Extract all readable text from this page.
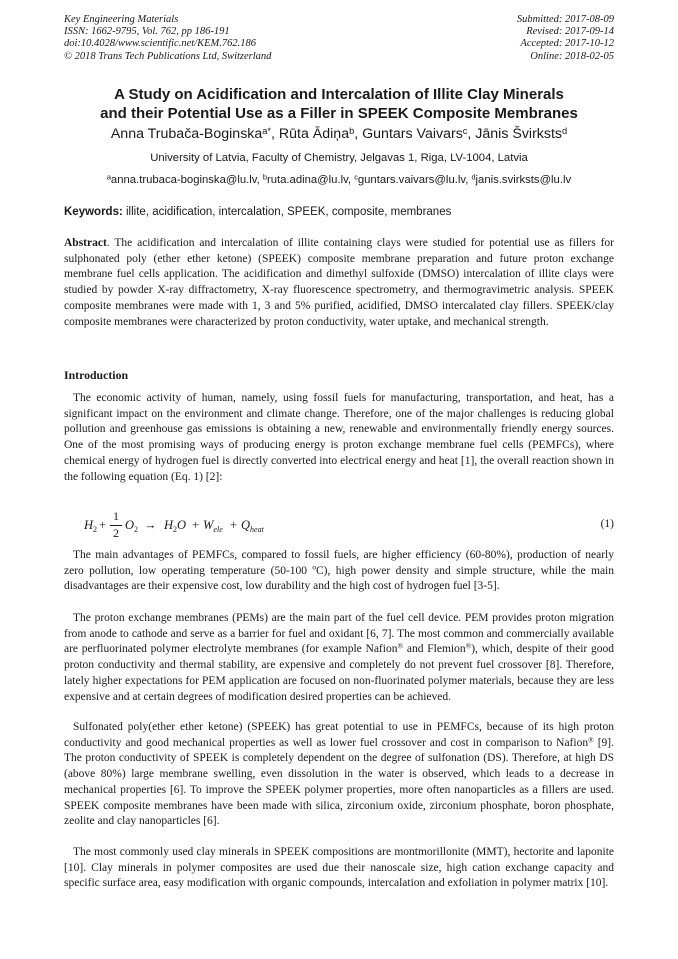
Key Engineering Materials
ISSN: 1662-9795, Vol. 762, pp 186-191
doi:10.4028/www.scientific.net/KEM.762.186
© 2018 Trans Tech Publications Ltd, Switzerland
Submitted: 2017-08-09
Revised: 2017-09-14
Accepted: 2017-10-12
Online: 2018-02-05
A Study on Acidification and Intercalation of Illite Clay Minerals
and their Potential Use as a Filler in SPEEK Composite Membranes
Anna Trubača-Boginska$^{a*}$, Rūta Ādiņa$^b$, Guntars Vaivars$^c$, Jānis Švirksts$^d$
University of Latvia, Faculty of Chemistry, Jelgavas 1, Riga, LV-1004, Latvia
$^a$anna.trubaca-boginska@lu.lv, $^b$ruta.adina@lu.lv, $^c$guntars.vaivars@lu.lv, $^d$janis.svirksts@lu.lv
Keywords: illite, acidification, intercalation, SPEEK, composite, membranes
Abstract. The acidification and intercalation of illite containing clays were studied for potential use as fillers for sulphonated poly (ether ether ketone) (SPEEK) composite membrane preparation and future proton exchange membrane fuel cells application. The acidification and dimethyl sulfoxide (DMSO) intercalation of illite clays were studied by powder X-ray diffractometry, X-ray fluorescence spectrometry, and thermogravimetric analysis. SPEEK composite membranes were made with 1, 3 and 5% purified, acidified, DMSO intercalated clay fillers. SPEEK/clay composite membranes were characterized by proton conductivity, water uptake, and mechanical strength.
Introduction
The economic activity of human, namely, using fossil fuels for manufacturing, transportation, and heat, has a significant impact on the environment and climate change. Therefore, one of the major challenges is reducing global pollution and greenhouse gas emissions is obtaining a new, renewable and environmentally friendly energy sources. One of the most promising ways of producing energy is proton exchange membrane fuel cells (PEMFCs), where chemical energy of hydrogen fuel is directly converted into electrical energy and heat [1], the overall reaction shown in the following equation (Eq. 1) [2]:
$H_2$ +
1
2
$O_2 \to H_2O + W_{ele} + Q_{heat}$	(1)
The main advantages of PEMFCs, compared to fossil fuels, are higher efficiency (60-80%), production of nearly zero pollution, low operating temperature (50-100 ºC), high power density and simple structure, while the main disadvantages are their expensive cost, low durability and the high cost of hydrogen fuel [3-5].
The proton exchange membranes (PEMs) are the main part of the fuel cell device. PEM provides proton migration from anode to cathode and serve as a barrier for fuel and oxidant [6, 7]. The most common and commercially available are perfluorinated polymer electrolyte membranes (for example Nafion® and Flemion®), which, despite of their good proton conductivity and thermal stability, are expensive and completely do not prevent fuel crossover [8]. Therefore, lately higher expectations for PEM application are focused on non-fluorinated polymer materials, because they are less expensive and at certain degrees of modification desired properties can be achieved.
Sulfonated poly(ether ether ketone) (SPEEK) has great potential to use in PEMFCs, because of its high proton conductivity and good mechanical properties as well as lower fuel crossover and cost in comparison to Nafion® [9]. The proton conductivity of SPEEK is completely dependent on the degree of sulfonation (DS). Therefore, at high DS (above 80%) large membrane swelling, even dissolution in the water is observed, which leads to a decrease in mechanical properties [6]. To improve the SPEEK polymer properties, more often nanoparticles as a fillers are used. SPEEK composite membranes have been made with silica, zirconium oxide, zirconium phosphate, boron phosphate, zeolite and clay nanoparticles [6].
The most commonly used clay minerals in SPEEK compositions are montmorillonite (MMT), hectorite and laponite [10]. Clay minerals in polymer composites are used due their nanoscale size, high cation exchange capacity and specific surface area, easy modification with organic compounds, intercalation and exfoliation in polymer matrix [10].
